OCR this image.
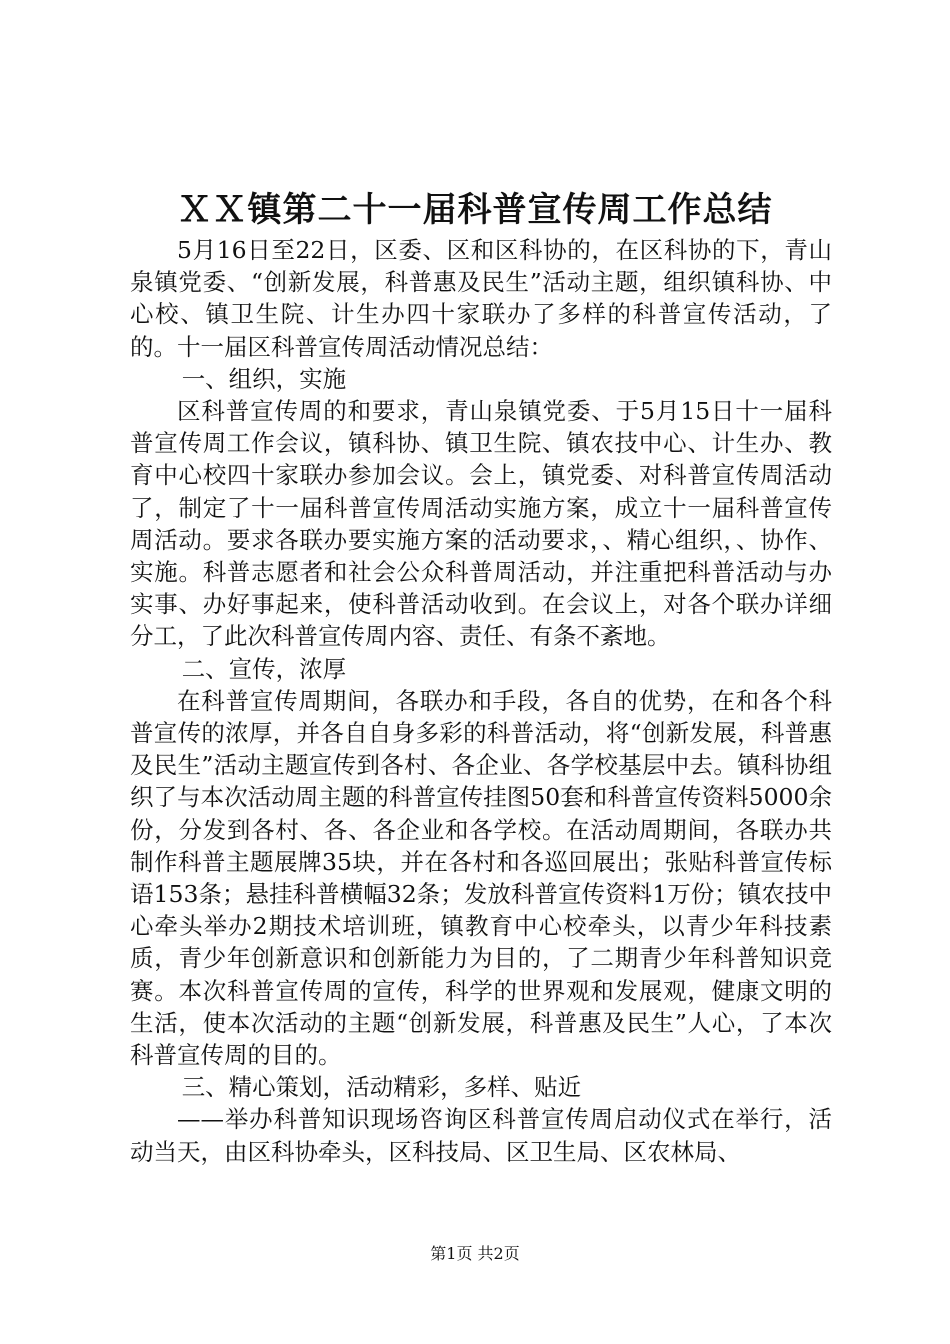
ＸＸ镇第二十一届科普宣传周工作总结

5月16日至22日，区委、区和区科协的，在区科协的下，青山泉镇党委、“创新发展，科普惠及民生”活动主题，组织镇科协、中心校、镇卫生院、计生办四十家联办了多样的科普宣传活动，了的。十一届区科普宣传周活动情况总结：

一、组织，实施

区科普宣传周的和要求，青山泉镇党委、于5月15日十一届科普宣传周工作会议，镇科协、镇卫生院、镇农技中心、计生办、教育中心校四十家联办参加会议。会上，镇党委、对科普宣传周活动了，制定了十一届科普宣传周活动实施方案，成立十一届科普宣传周活动。要求各联办要实施方案的活动要求，、精心组织，、协作、实施。科普志愿者和社会公众科普周活动，并注重把科普活动与办实事、办好事起来，使科普活动收到。在会议上，对各个联办详细分工，了此次科普宣传周内容、责任、有条不紊地。

二、宣传，浓厚

在科普宣传周期间，各联办和手段，各自的优势，在和各个科普宣传的浓厚，并各自自身多彩的科普活动，将“创新发展，科普惠及民生”活动主题宣传到各村、各企业、各学校基层中去。镇科协组织了与本次活动周主题的科普宣传挂图50套和科普宣传资料5000余份，分发到各村、各、各企业和各学校。在活动周期间，各联办共制作科普主题展牌35块，并在各村和各巡回展出；张贴科普宣传标语153条；悬挂科普横幅32条；发放科普宣传资料1万份；镇农技中心牵头举办2期技术培训班，镇教育中心校牵头，以青少年科技素质，青少年创新意识和创新能力为目的，了二期青少年科普知识竞赛。本次科普宣传周的宣传，科学的世界观和发展观，健康文明的生活，使本次活动的主题“创新发展，科普惠及民生”人心，了本次科普宣传周的目的。

三、精心策划，活动精彩，多样、贴近

——举办科普知识现场咨询区科普宣传周启动仪式在举行，活动当天，由区科协牵头，区科技局、区卫生局、区农林局、

第1页 共2页
